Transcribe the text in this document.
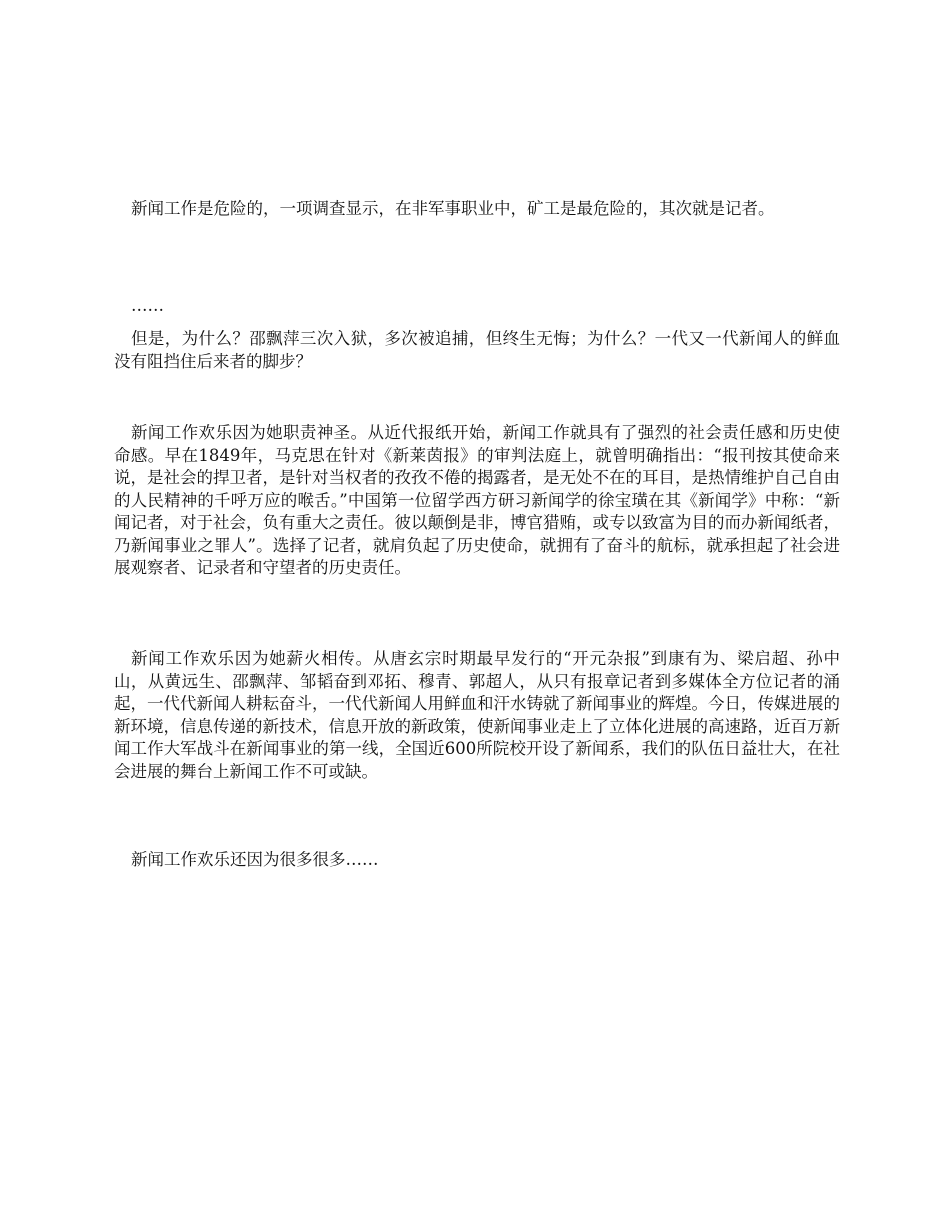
新闻工作是危险的，一项调查显示，在非军事职业中，矿工是最危险的，其次就是记者。

……

但是，为什么？邵飘萍三次入狱，多次被追捕，但终生无悔；为什么？一代又一代新闻人的鲜血没有阻挡住后来者的脚步？

新闻工作欢乐因为她职责神圣。从近代报纸开始，新闻工作就具有了强烈的社会责任感和历史使命感。早在1849年，马克思在针对《新莱茵报》的审判法庭上，就曾明确指出：“报刊按其使命来说，是社会的捍卫者，是针对当权者的孜孜不倦的揭露者，是无处不在的耳目，是热情维护自己自由的人民精神的千呼万应的喉舌。”中国第一位留学西方研习新闻学的徐宝璜在其《新闻学》中称：“新闻记者，对于社会，负有重大之责任。彼以颠倒是非，博官猎贿，或专以致富为目的而办新闻纸者，乃新闻事业之罪人”。选择了记者，就肩负起了历史使命，就拥有了奋斗的航标，就承担起了社会进展观察者、记录者和守望者的历史责任。

新闻工作欢乐因为她薪火相传。从唐玄宗时期最早发行的“开元杂报”到康有为、梁启超、孙中山，从黄远生、邵飘萍、邹韬奋到邓拓、穆青、郭超人，从只有报章记者到多媒体全方位记者的涌起，一代代新闻人耕耘奋斗，一代代新闻人用鲜血和汗水铸就了新闻事业的辉煌。今日，传媒进展的新环境，信息传递的新技术，信息开放的新政策，使新闻事业走上了立体化进展的高速路，近百万新闻工作大军战斗在新闻事业的第一线，全国近600所院校开设了新闻系，我们的队伍日益壮大，在社会进展的舞台上新闻工作不可或缺。

新闻工作欢乐还因为很多很多……
